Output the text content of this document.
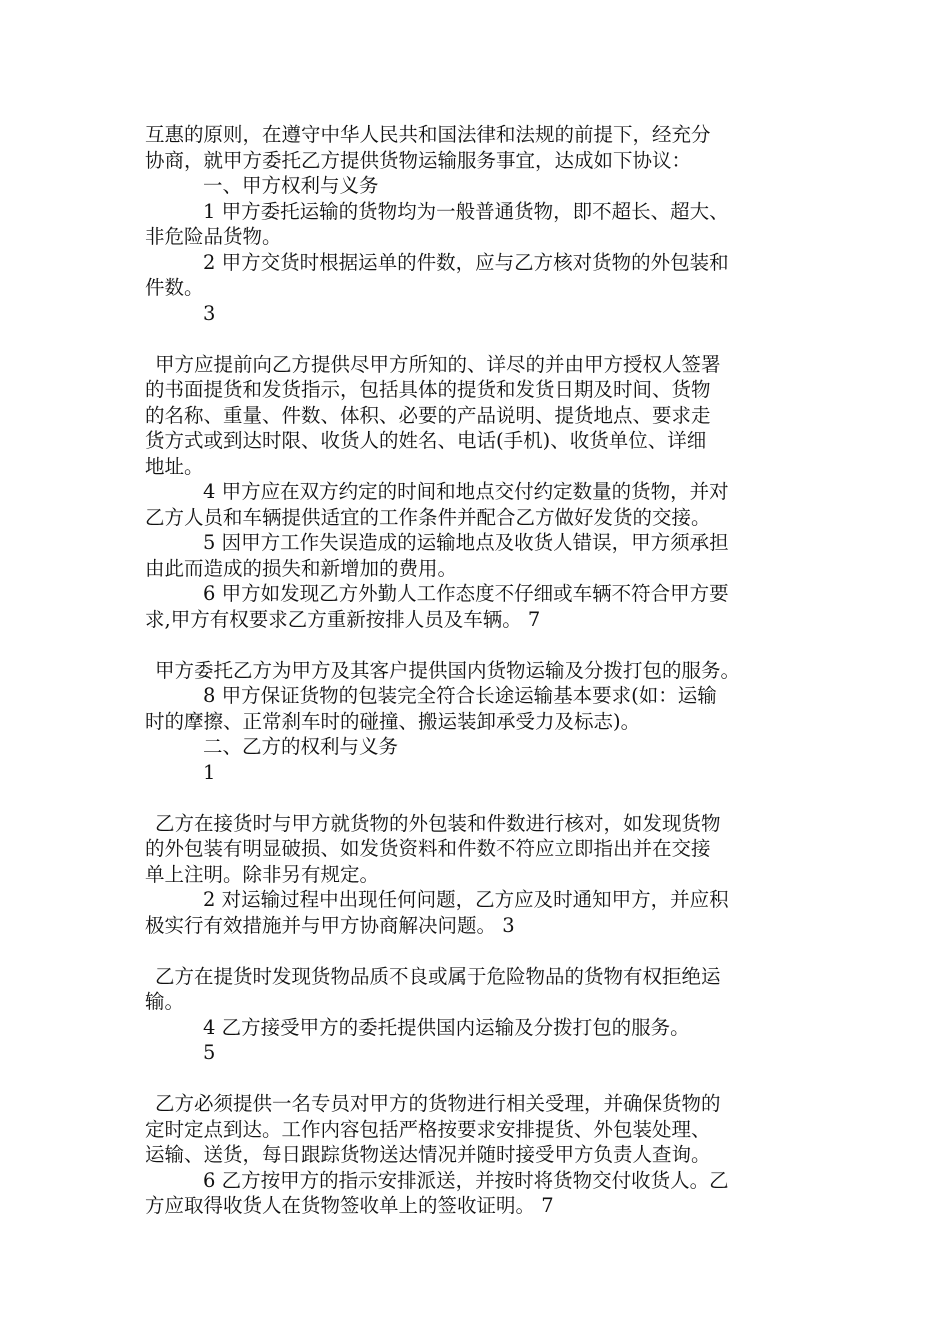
互惠的原则，在遵守中华人民共和国法律和法规的前提下，经充分

协商，就甲方委托乙方提供货物运输服务事宜，达成如下协议：

一、甲方权利与义务

1 甲方委托运输的货物均为一般普通货物，即不超长、超大、

非危险品货物。

2 甲方交货时根据运单的件数，应与乙方核对货物的外包装和

件数。

3

甲方应提前向乙方提供尽甲方所知的、详尽的并由甲方授权人签署

的书面提货和发货指示，包括具体的提货和发货日期及时间、货物

的名称、重量、件数、体积、必要的产品说明、提货地点、要求走

货方式或到达时限、收货人的姓名、电话(手机)、收货单位、详细

地址。

4 甲方应在双方约定的时间和地点交付约定数量的货物，并对

乙方人员和车辆提供适宜的工作条件并配合乙方做好发货的交接。

5 因甲方工作失误造成的运输地点及收货人错误，甲方须承担

由此而造成的损失和新增加的费用。

6 甲方如发现乙方外勤人工作态度不仔细或车辆不符合甲方要

求,甲方有权要求乙方重新按排人员及车辆。 7

甲方委托乙方为甲方及其客户提供国内货物运输及分拨打包的服务。

8 甲方保证货物的包装完全符合长途运输基本要求(如：运输

时的摩擦、正常刹车时的碰撞、搬运装卸承受力及标志)。

二、乙方的权利与义务

1

乙方在接货时与甲方就货物的外包装和件数进行核对，如发现货物

的外包装有明显破损、如发货资料和件数不符应立即指出并在交接

单上注明。除非另有规定。

2 对运输过程中出现任何问题，乙方应及时通知甲方，并应积

极实行有效措施并与甲方协商解决问题。 3

乙方在提货时发现货物品质不良或属于危险物品的货物有权拒绝运

输。

4 乙方接受甲方的委托提供国内运输及分拨打包的服务。

5

乙方必须提供一名专员对甲方的货物进行相关受理，并确保货物的

定时定点到达。工作内容包括严格按要求安排提货、外包装处理、

运输、送货，每日跟踪货物送达情况并随时接受甲方负责人查询。

6 乙方按甲方的指示安排派送，并按时将货物交付收货人。乙

方应取得收货人在货物签收单上的签收证明。 7
